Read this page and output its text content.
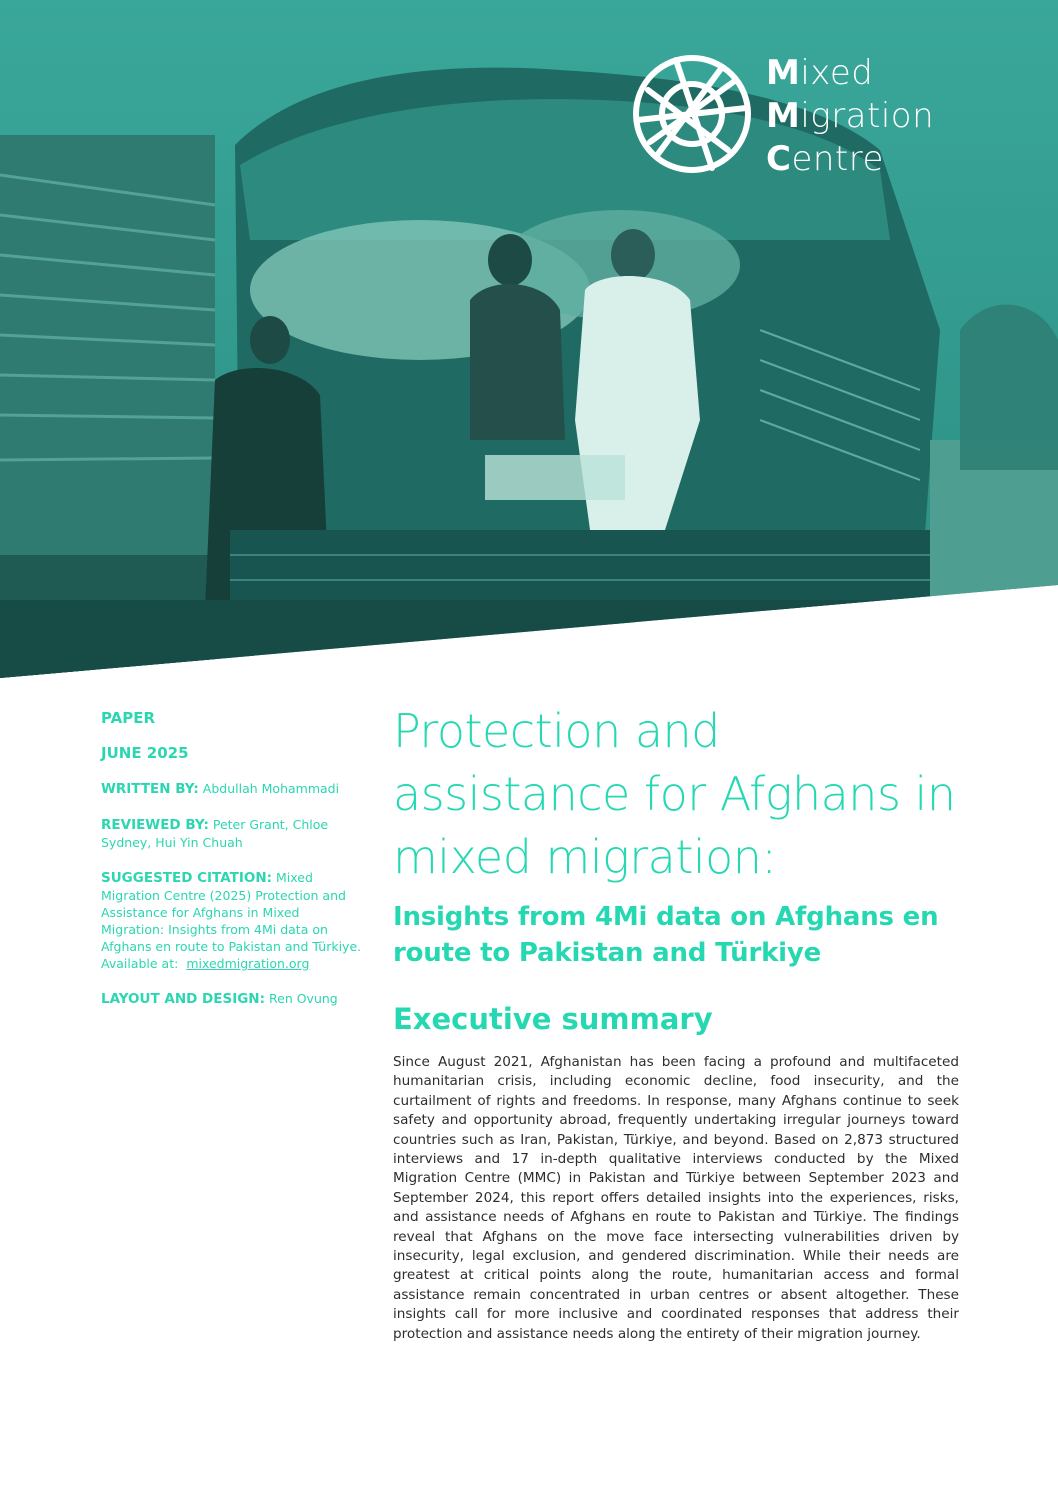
Mixed
Migration
Centre
PAPER
JUNE 2025
WRITTEN BY: Abdullah Mohammadi
REVIEWED BY: Peter Grant, Chloe Sydney, Hui Yin Chuah
SUGGESTED CITATION: Mixed Migration Centre (2025) Protection and Assistance for Afghans in Mixed Migration: Insights from 4Mi data on Afghans en route to Pakistan and Türkiye. Available at: mixedmigration.org
LAYOUT AND DESIGN: Ren Ovung
Protection and assistance for Afghans in mixed migration:
Insights from 4Mi data on Afghans en route to Pakistan and Türkiye
Executive summary

Since August 2021, Afghanistan has been facing a profound and multifaceted humanitarian crisis, including economic decline, food insecurity, and the curtailment of rights and freedoms. In response, many Afghans continue to seek safety and opportunity abroad, frequently undertaking irregular journeys toward countries such as Iran, Pakistan, Türkiye, and beyond. Based on 2,873 structured interviews and 17 in-depth qualitative interviews conducted by the Mixed Migration Centre (MMC) in Pakistan and Türkiye between September 2023 and September 2024, this report offers detailed insights into the experiences, risks, and assistance needs of Afghans en route to Pakistan and Türkiye. The findings reveal that Afghans on the move face intersecting vulnerabilities driven by insecurity, legal exclusion, and gendered discrimination. While their needs are greatest at critical points along the route, humanitarian access and formal assistance remain concentrated in urban centres or absent altogether. These insights call for more inclusive and coordinated responses that address their protection and assistance needs along the entirety of their migration journey.
